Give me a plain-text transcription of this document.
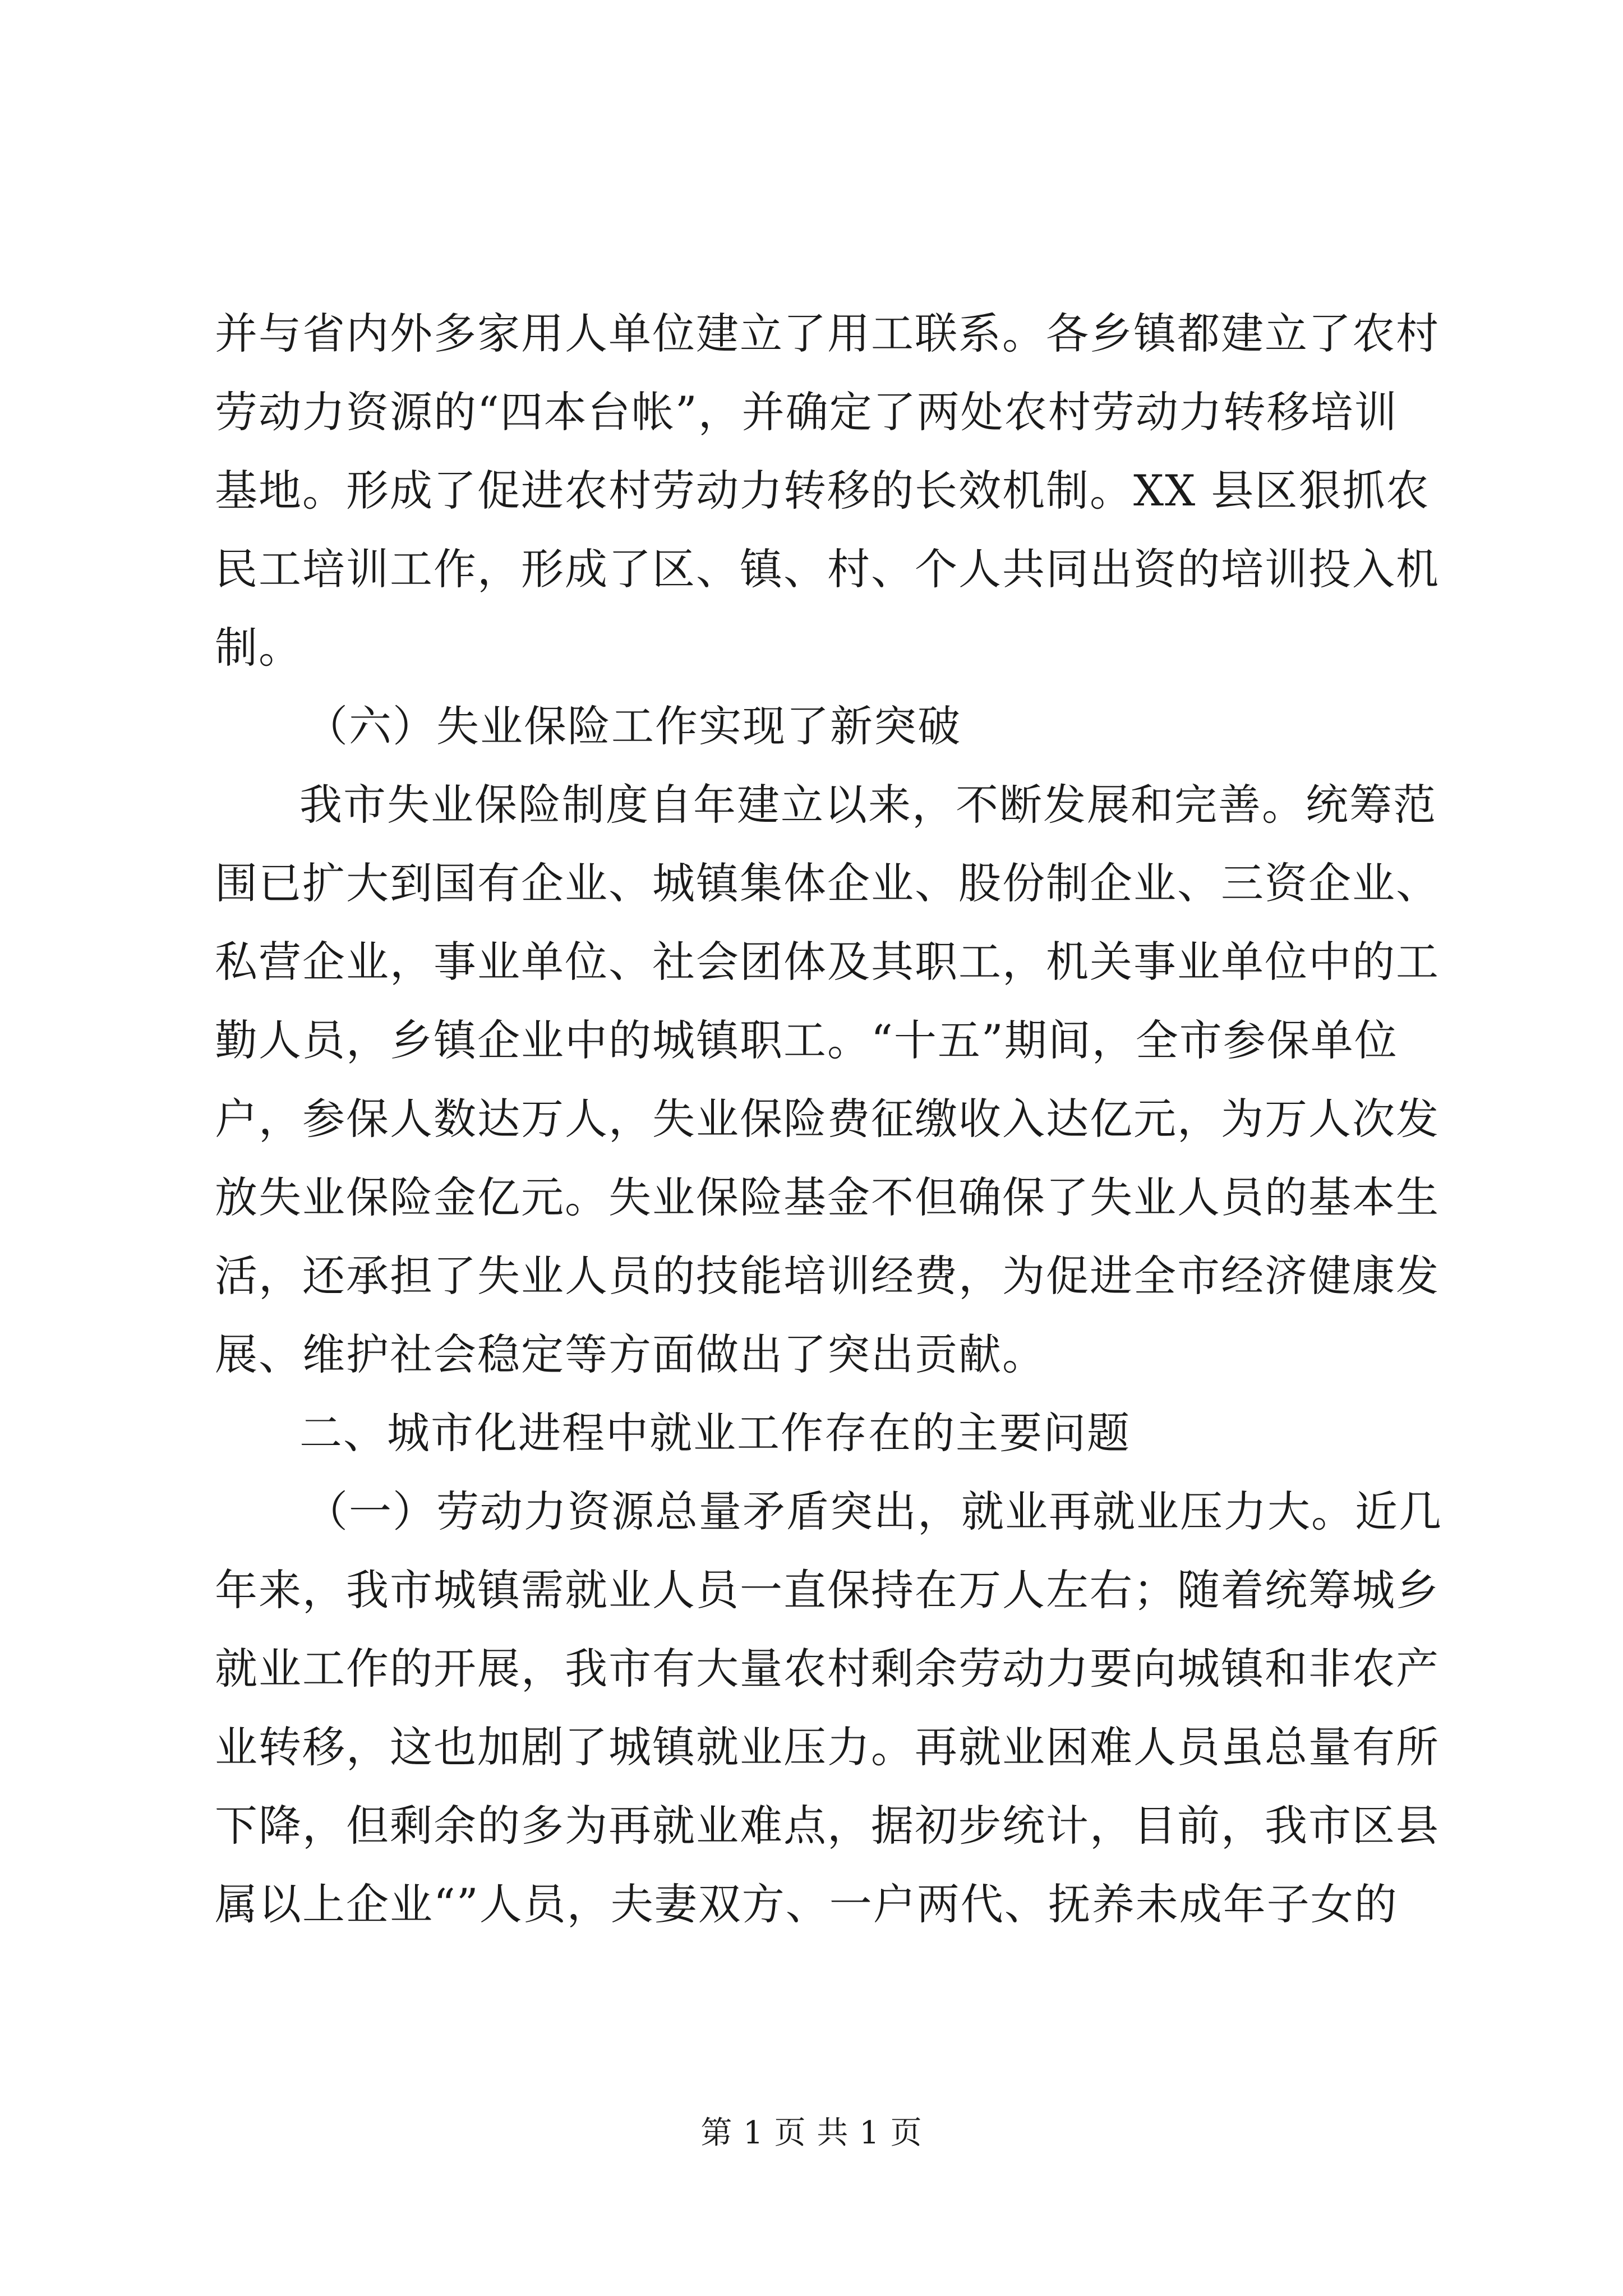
并与省内外多家用人单位建立了用工联系。各乡镇都建立了农村
劳动力资源的“四本台帐”，并确定了两处农村劳动力转移培训
基地。形成了促进农村劳动力转移的长效机制。XX 县区狠抓农
民工培训工作，形成了区、镇、村、个人共同出资的培训投入机
制。
（六）失业保险工作实现了新突破
我市失业保险制度自年建立以来，不断发展和完善。统筹范
围已扩大到国有企业、城镇集体企业、股份制企业、三资企业、
私营企业，事业单位、社会团体及其职工，机关事业单位中的工
勤人员，乡镇企业中的城镇职工。“十五”期间，全市参保单位
户，参保人数达万人，失业保险费征缴收入达亿元，为万人次发
放失业保险金亿元。失业保险基金不但确保了失业人员的基本生
活，还承担了失业人员的技能培训经费，为促进全市经济健康发
展、维护社会稳定等方面做出了突出贡献。
二、城市化进程中就业工作存在的主要问题
（一）劳动力资源总量矛盾突出，就业再就业压力大。近几
年来，我市城镇需就业人员一直保持在万人左右；随着统筹城乡
就业工作的开展，我市有大量农村剩余劳动力要向城镇和非农产
业转移，这也加剧了城镇就业压力。再就业困难人员虽总量有所
下降，但剩余的多为再就业难点，据初步统计，目前，我市区县
属以上企业“”人员，夫妻双方、一户两代、抚养未成年子女的
第 1 页 共 1 页
